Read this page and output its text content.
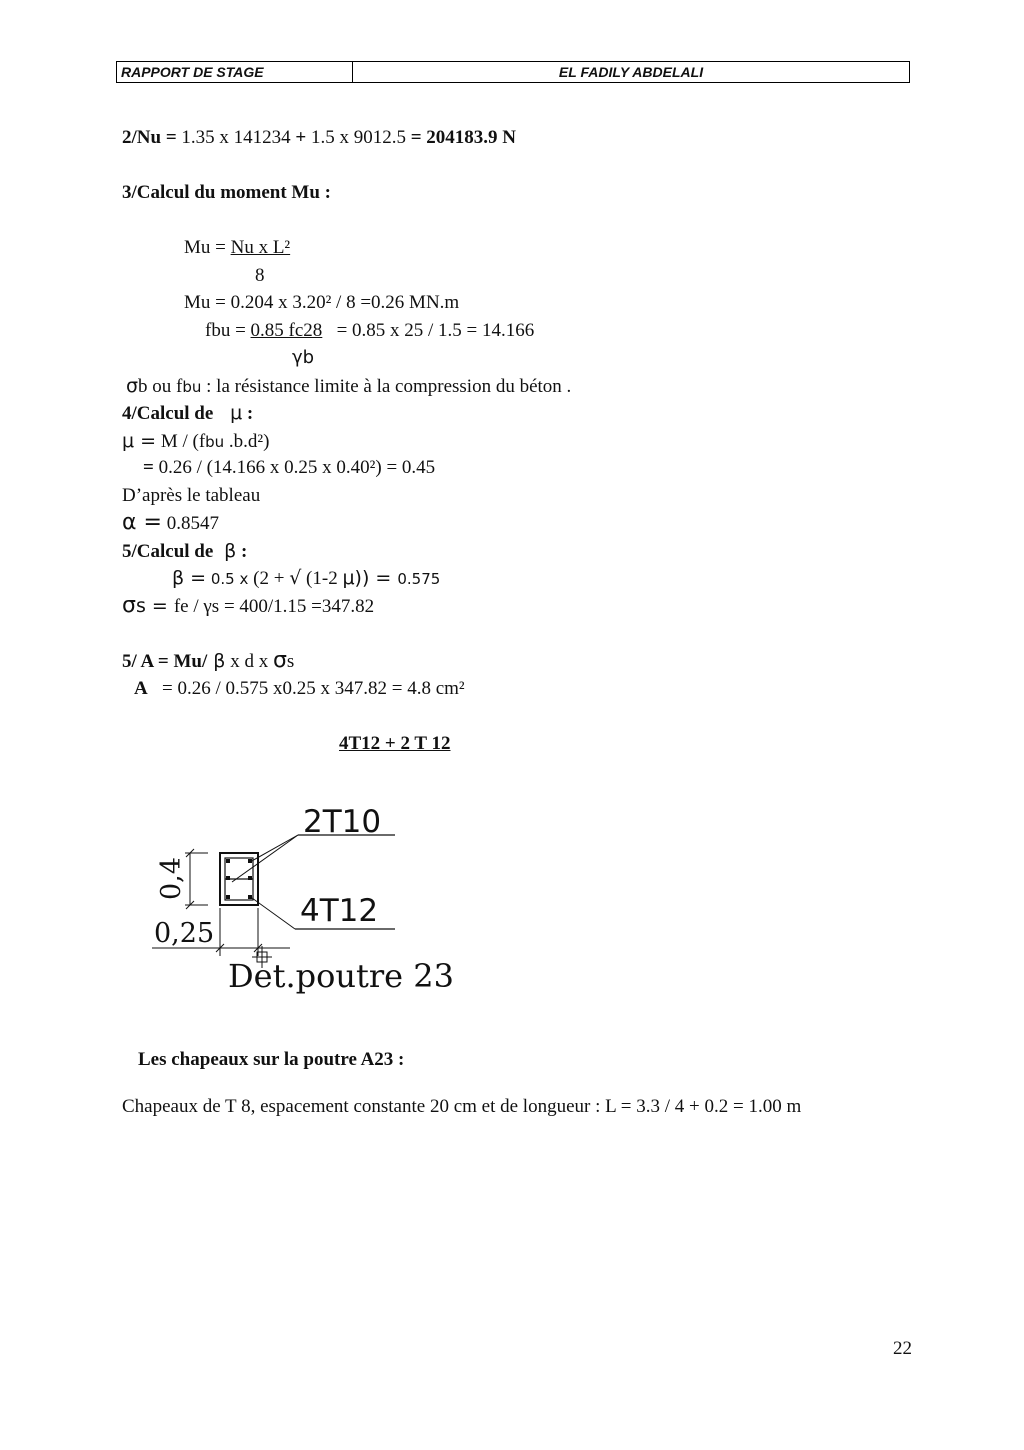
RAPPORT DE STAGE	EL FADILY ABDELALI
2/Nu = 1.35 x 141234 + 1.5 x 9012.5 = 204183.9 N
3/Calcul du moment Mu :
Mu = Nu x L²
8
Mu = 0.204 x 3.20² / 8 =0.26 MN.m
fbu = 0.85 fc28   = 0.85 x 25 / 1.5 = 14.166
γb
σb ou fbu : la résistance limite à la compression du béton .
4/Calcul de μ :
μ = M / (fbu .b.d²)
= 0.26 / (14.166 x 0.25 x 0.40²) = 0.45
D’après le tableau
α = 0.8547
5/Calcul de β :
β = 0.5 x (2 + √ (1-2 μ)) = 0.575
σs = fe / γs = 400/1.15 =347.82
5/ A = Mu/ β x d x σs
A   = 0.26 / 0.575 x0.25 x 347.82 = 4.8 cm²
4T12 + 2 T 12
2T10
4T12
0,4
0,25
Det.poutre 23
Les chapeaux sur la poutre A23 :
Chapeaux de T 8, espacement constante 20 cm et de longueur : L = 3.3 / 4 + 0.2 = 1.00 m
22
